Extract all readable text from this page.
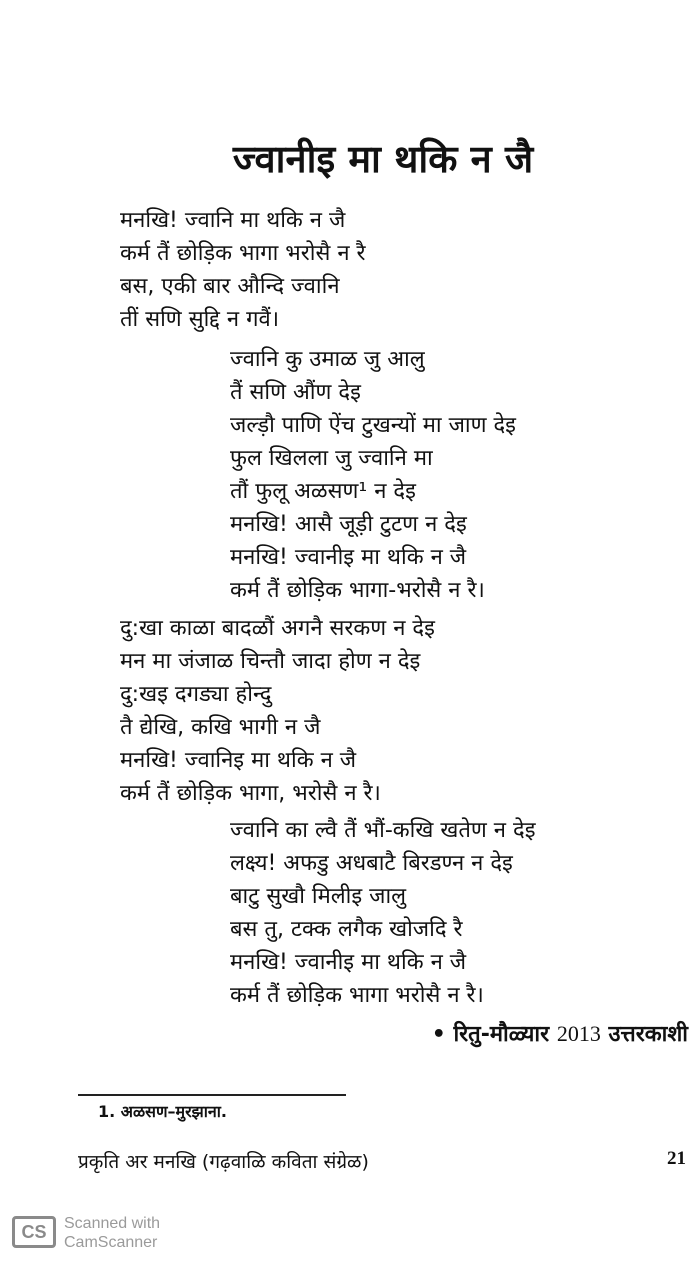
ज्वानीइ मा थकि न जै
मनखि! ज्वानि मा थकि न जै
कर्म तैं छोड़िक भागा भरोसै न रै
बस, एकी बार औन्दि ज्वानि
तीं सणि सुद्दि न गवैं।
ज्वानि कु उमाळ जु आलु
तैं सणि औंण देइ
जल्ड़ौ पाणि ऐंच टुखन्यों मा जाण देइ
फुल खिलला जु ज्वानि मा
तौं फुलू अळसण¹ न देइ
मनखि! आसै जूड़ी टुटण न देइ
मनखि! ज्वानीइ मा थकि न जै
कर्म तैं छोड़िक भागा-भरोसै न रै।
दु:खा काळा बादळौं अगनै सरकण न देइ
मन मा जंजाळ चिन्तौ जादा होण न देइ
दु:खइ दगड्या होन्दु
तै द्येखि, कखि भागी न जै
मनखि! ज्वानिइ मा थकि न जै
कर्म तैं छोड़िक भागा, भरोसै न रै।
ज्वानि का ल्वै तैं भौं-कखि खतेण न देइ
लक्ष्य! अफडु अधबाटै बिरडण्न न देइ
बाटु सुखौ मिलीइ जालु
बस तु, टक्क लगैक खोजदि रै
मनखि! ज्वानीइ मा थकि न जै
कर्म तैं छोड़िक भागा भरोसै न रै।
• रितु-मौळ्यार 2013 उत्तरकाशी
1. अळसण–मुरझाना.
प्रकृति अर मनखि (गढ़वाळि कविता संग्रेळ)	21
CS	Scanned with
CamScanner
